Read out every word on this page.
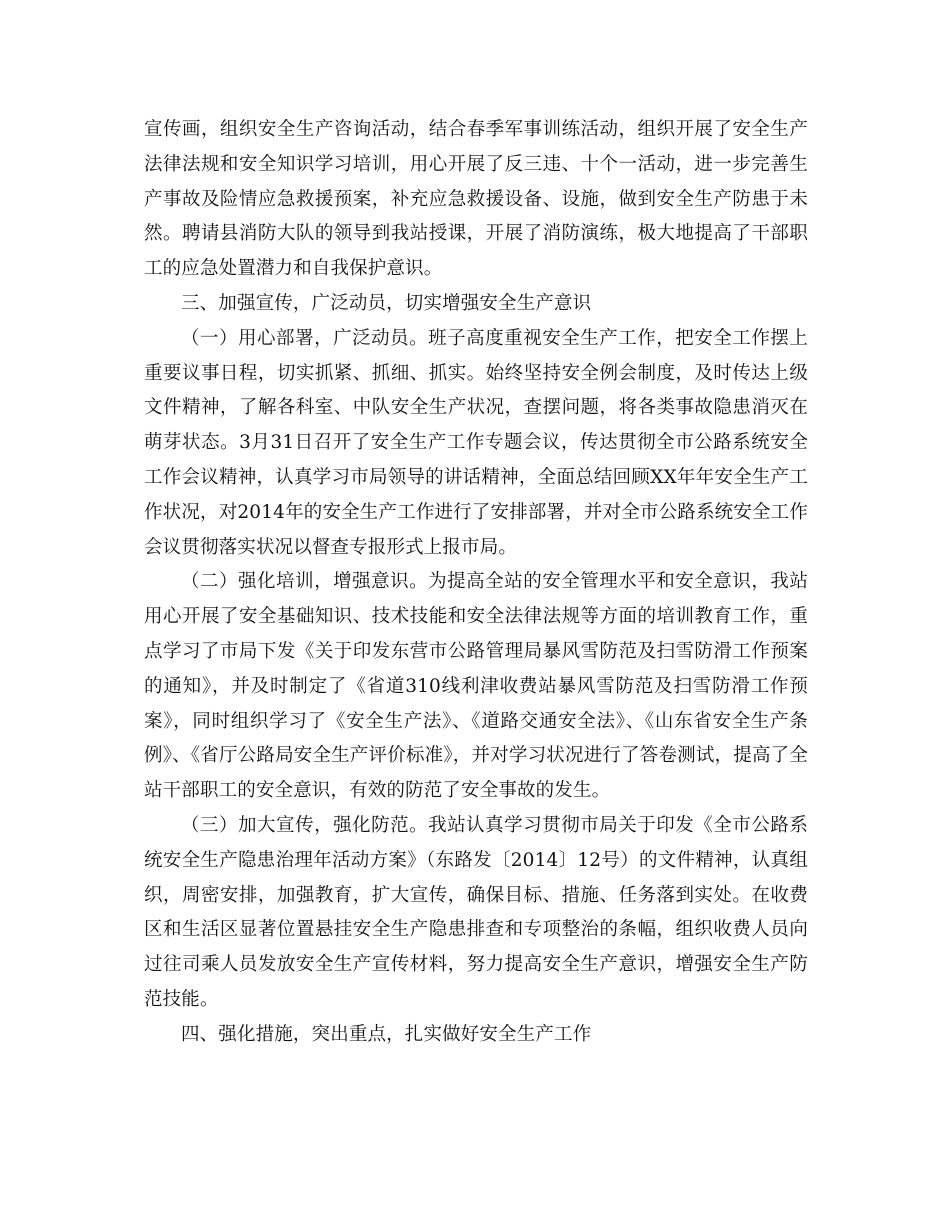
宣传画，组织安全生产咨询活动，结合春季军事训练活动，组织开展了安全生产法律法规和安全知识学习培训，用心开展了反三违、十个一活动，进一步完善生产事故及险情应急救援预案，补充应急救援设备、设施，做到安全生产防患于未然。聘请县消防大队的领导到我站授课，开展了消防演练，极大地提高了干部职工的应急处置潜力和自我保护意识。

三、加强宣传，广泛动员，切实增强安全生产意识

（一）用心部署，广泛动员。班子高度重视安全生产工作，把安全工作摆上重要议事日程，切实抓紧、抓细、抓实。始终坚持安全例会制度，及时传达上级文件精神，了解各科室、中队安全生产状况，查摆问题，将各类事故隐患消灭在萌芽状态。3月31日召开了安全生产工作专题会议，传达贯彻全市公路系统安全工作会议精神，认真学习市局领导的讲话精神，全面总结回顾XX年年安全生产工作状况，对2014年的安全生产工作进行了安排部署，并对全市公路系统安全工作会议贯彻落实状况以督查专报形式上报市局。

（二）强化培训，增强意识。为提高全站的安全管理水平和安全意识，我站用心开展了安全基础知识、技术技能和安全法律法规等方面的培训教育工作，重点学习了市局下发《关于印发东营市公路管理局暴风雪防范及扫雪防滑工作预案的通知》，并及时制定了《省道310线利津收费站暴风雪防范及扫雪防滑工作预案》，同时组织学习了《安全生产法》、《道路交通安全法》、《山东省安全生产条例》、《省厅公路局安全生产评价标准》，并对学习状况进行了答卷测试，提高了全站干部职工的安全意识，有效的防范了安全事故的发生。

（三）加大宣传，强化防范。我站认真学习贯彻市局关于印发《全市公路系统安全生产隐患治理年活动方案》（东路发〔2014〕12号）的文件精神，认真组织，周密安排，加强教育，扩大宣传，确保目标、措施、任务落到实处。在收费区和生活区显著位置悬挂安全生产隐患排查和专项整治的条幅，组织收费人员向过往司乘人员发放安全生产宣传材料，努力提高安全生产意识，增强安全生产防范技能。

四、强化措施，突出重点，扎实做好安全生产工作
